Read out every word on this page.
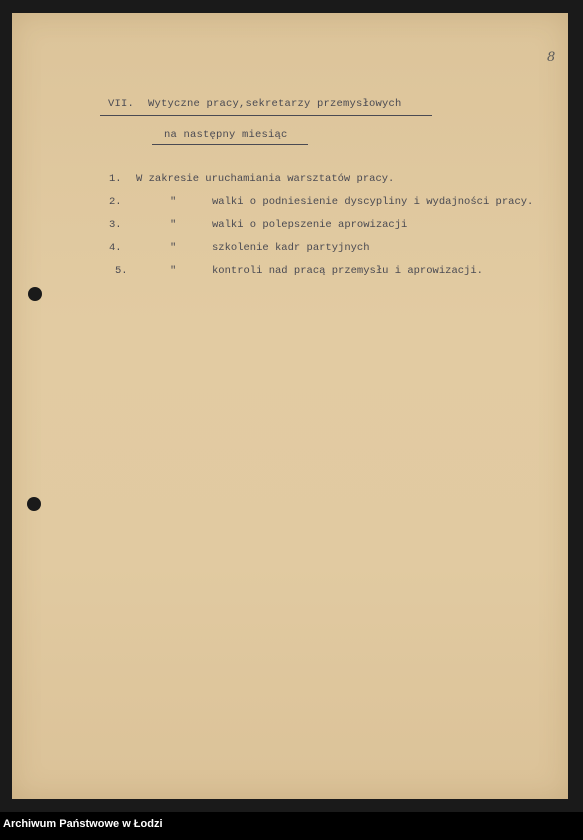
8
VII. Wytyczne pracy,sekretarzy przemysłowych
na następny miesiąc
1. W zakresie uruchamiania warsztatów pracy.
2.	"	walki o podniesienie dyscypliny i wydajności pracy.
3.	"	walki o polepszenie aprowizacji
4.	"	szkolenie kadr partyjnych
5.	"	kontroli nad pracą przemysłu i aprowizacji.
Archiwum Państwowe w Łodzi
